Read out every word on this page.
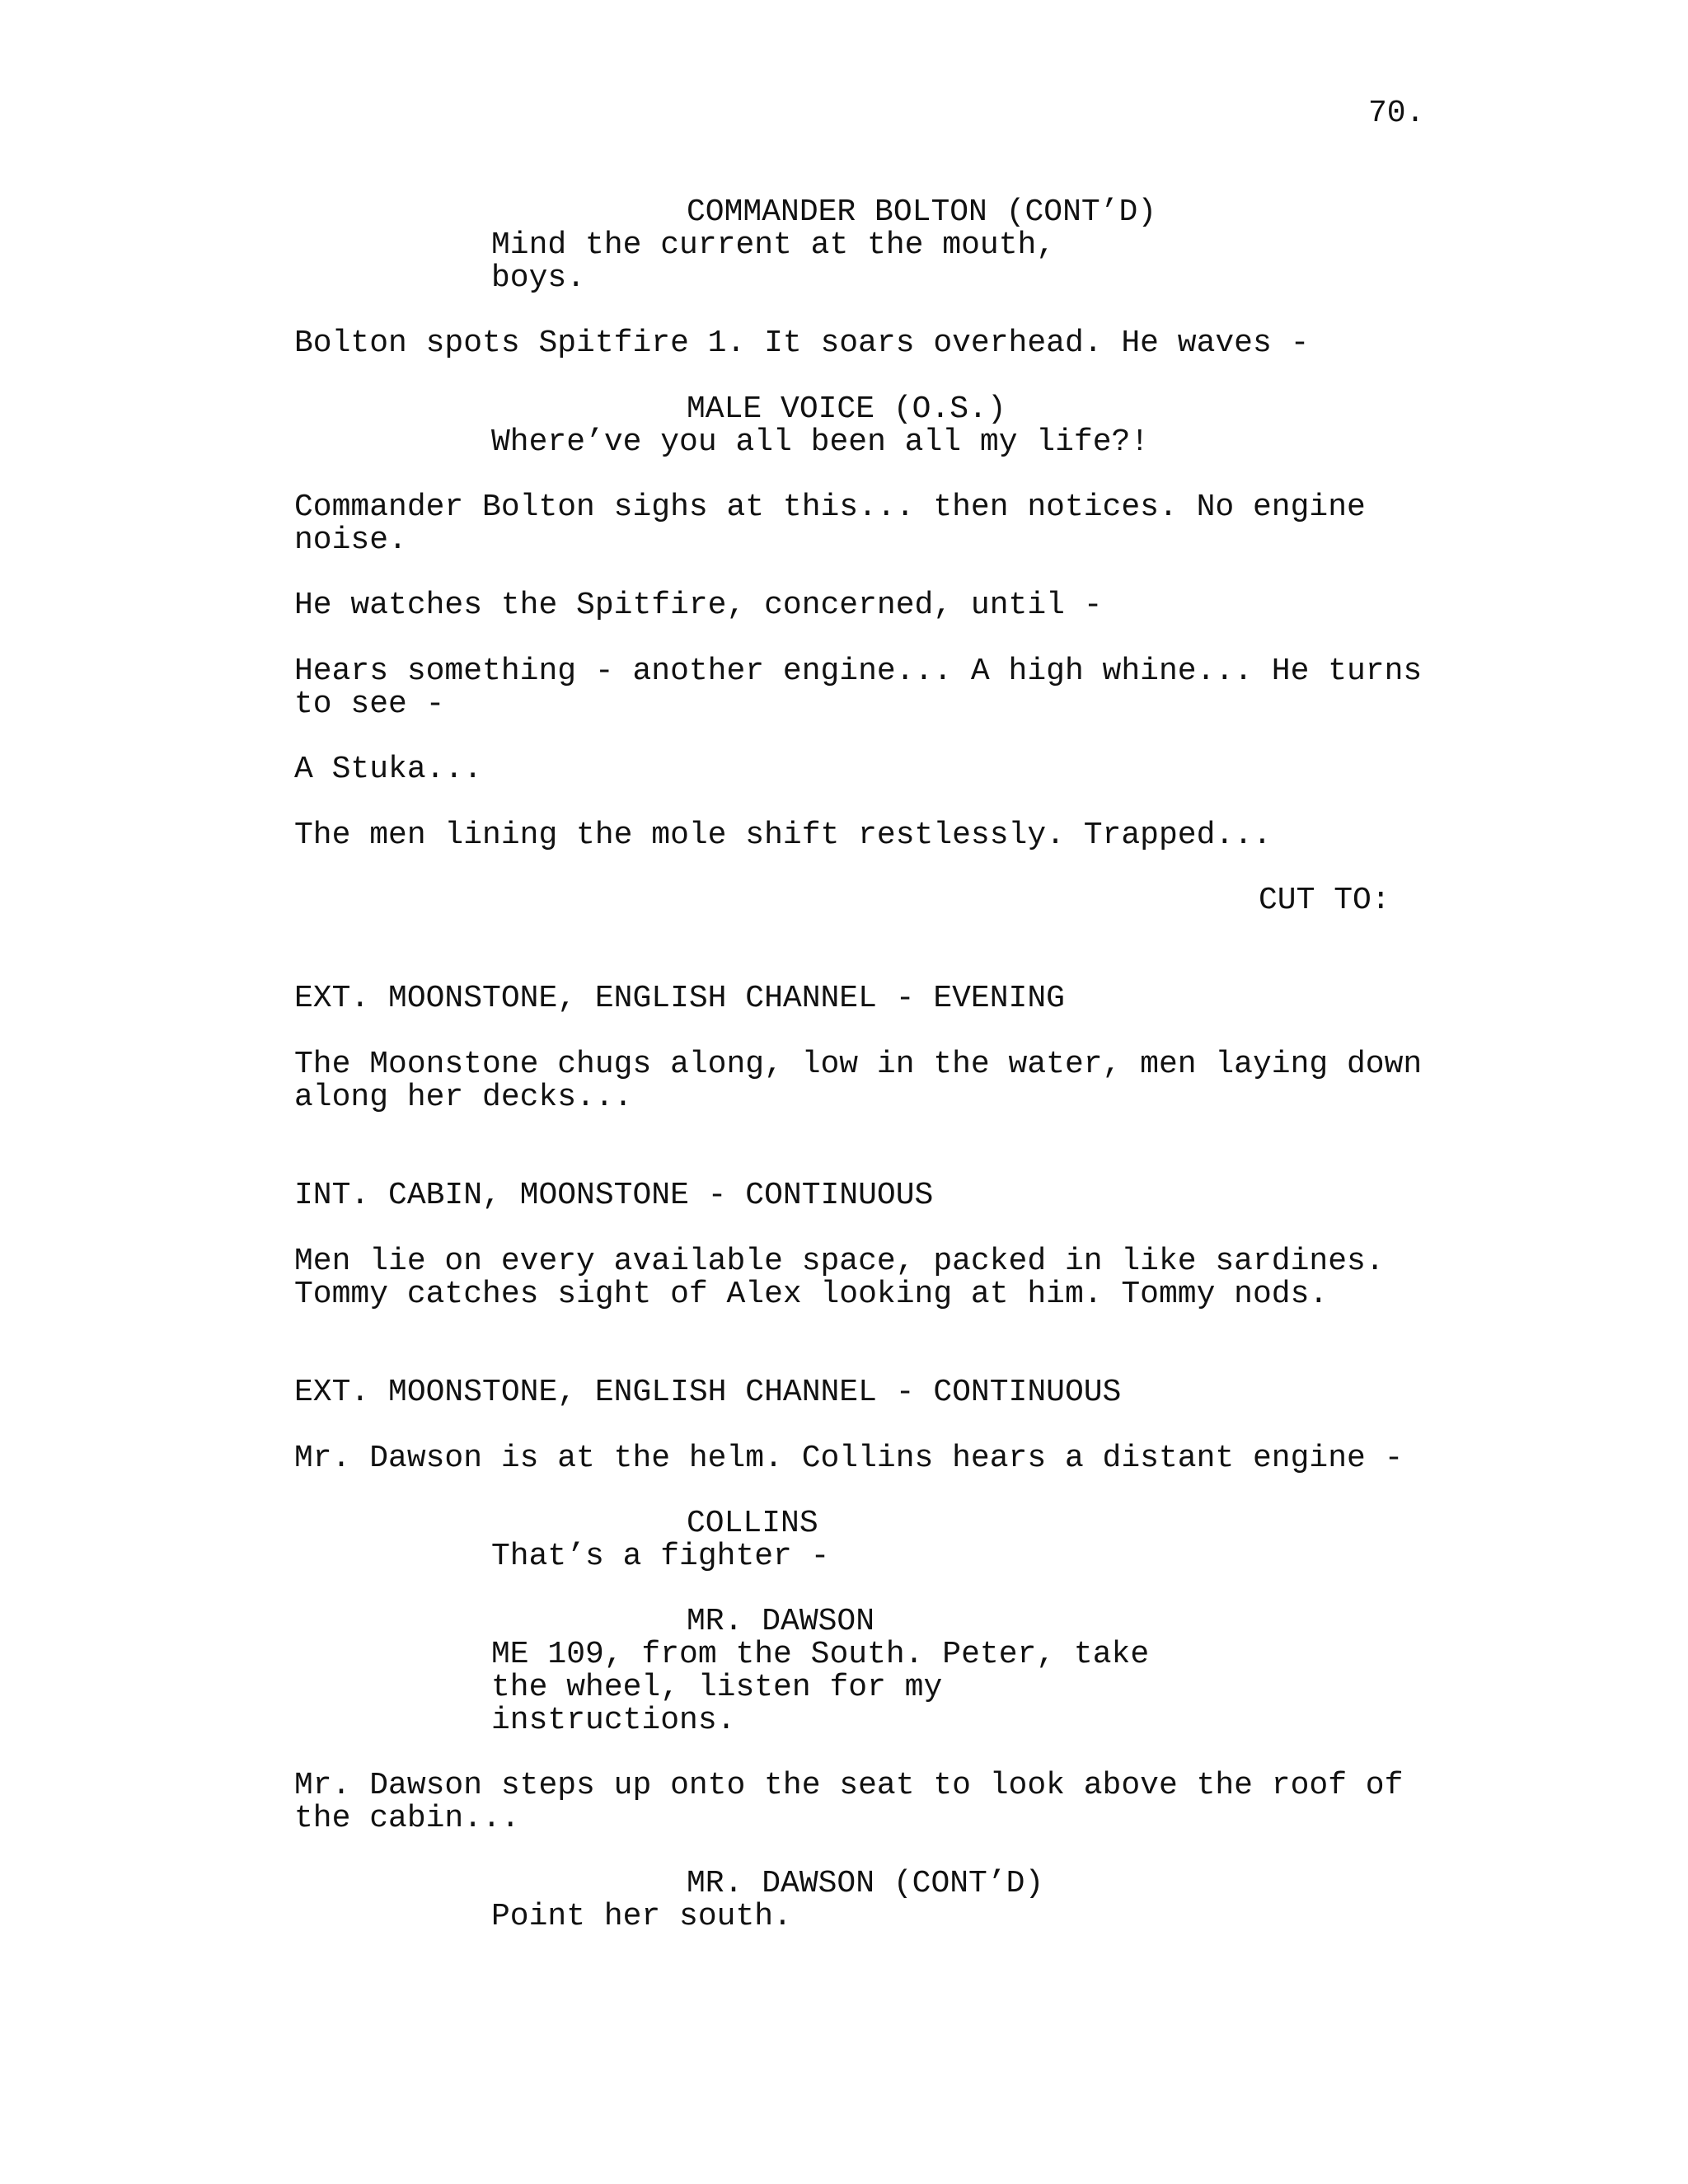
70.
COMMANDER BOLTON (CONT’D)
Mind the current at the mouth,
boys.
Bolton spots Spitfire 1. It soars overhead. He waves -
MALE VOICE (O.S.)
Where’ve you all been all my life?!
Commander Bolton sighs at this... then notices. No engine
noise.
He watches the Spitfire, concerned, until -
Hears something - another engine... A high whine... He turns
to see -
A Stuka...
The men lining the mole shift restlessly. Trapped...
CUT TO:
EXT. MOONSTONE, ENGLISH CHANNEL - EVENING
The Moonstone chugs along, low in the water, men laying down
along her decks...
INT. CABIN, MOONSTONE - CONTINUOUS
Men lie on every available space, packed in like sardines.
Tommy catches sight of Alex looking at him. Tommy nods.
EXT. MOONSTONE, ENGLISH CHANNEL - CONTINUOUS
Mr. Dawson is at the helm. Collins hears a distant engine -
COLLINS
That’s a fighter -
MR. DAWSON
ME 109, from the South. Peter, take
the wheel, listen for my
instructions.
Mr. Dawson steps up onto the seat to look above the roof of
the cabin...
MR. DAWSON (CONT’D)
Point her south.
